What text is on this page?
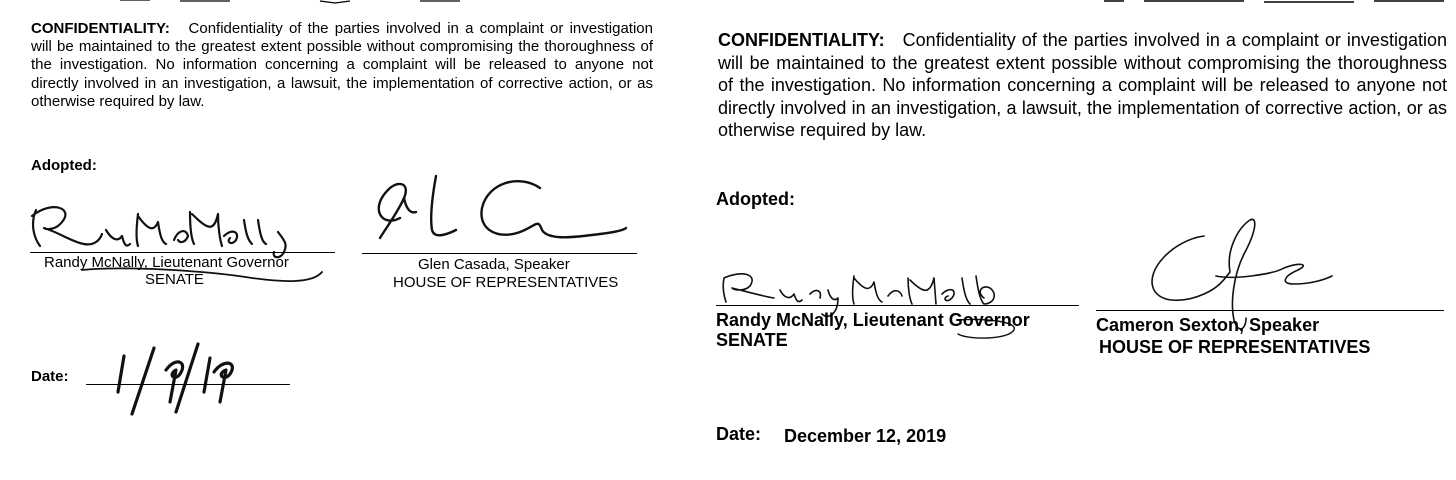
CONFIDENTIALITY: Confidentiality of the parties involved in a complaint or investigation will be maintained to the greatest extent possible without compromising the thoroughness of the investigation. No information concerning a complaint will be released to anyone not directly involved in an investigation, a lawsuit, the implementation of corrective action, or as otherwise required by law.

Adopted:
Randy McNally, Lieutenant Governor
SENATE
Glen Casada, Speaker
HOUSE OF REPRESENTATIVES
Date:

CONFIDENTIALITY: Confidentiality of the parties involved in a complaint or investigation will be maintained to the greatest extent possible without compromising the thoroughness of the investigation. No information concerning a complaint will be released to anyone not directly involved in an investigation, a lawsuit, the implementation of corrective action, or as otherwise required by law.

Adopted:
Randy McNally, Lieutenant Governor
SENATE
Cameron Sexton, Speaker
HOUSE OF REPRESENTATIVES
Date: December 12, 2019
